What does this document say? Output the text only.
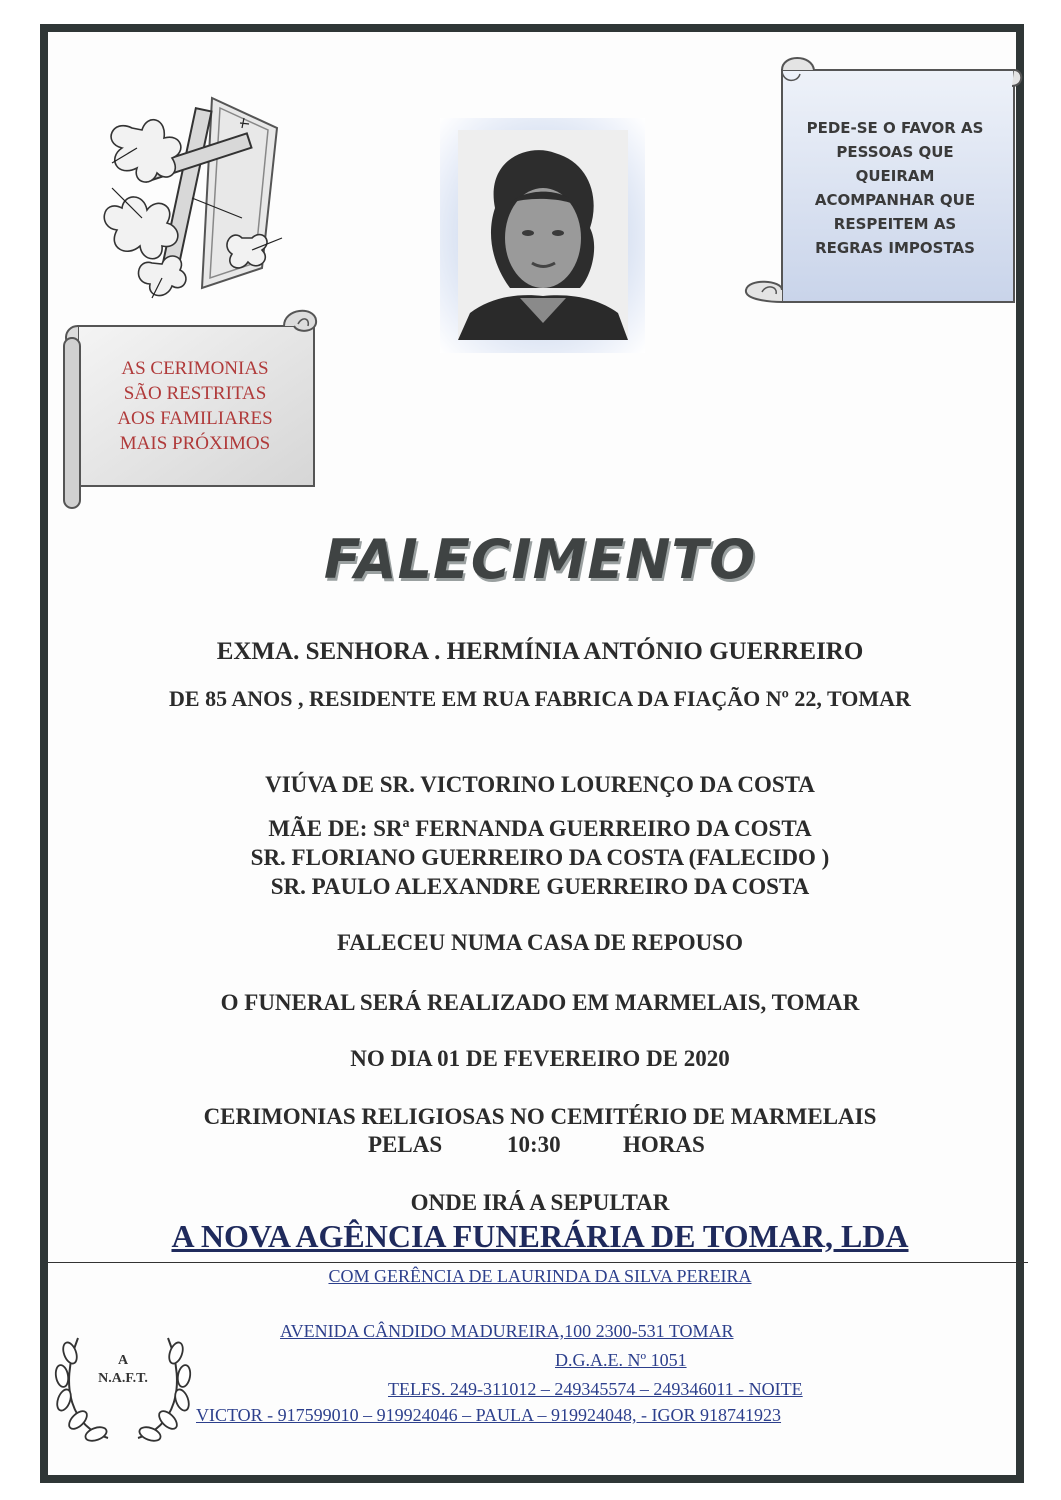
PEDE-SE O FAVOR AS
PESSOAS QUE
QUEIRAM
ACOMPANHAR QUE
RESPEITEM AS
REGRAS IMPOSTAS
AS CERIMONIAS
SÃO RESTRITAS
AOS FAMILIARES
MAIS PRÓXIMOS
FALECIMENTO
EXMA. SENHORA . HERMÍNIA ANTÓNIO GUERREIRO
DE 85 ANOS , RESIDENTE EM RUA FABRICA DA FIAÇÃO Nº 22, TOMAR
VIÚVA DE SR. VICTORINO LOURENÇO DA COSTA
MÃE DE: SRª FERNANDA GUERREIRO DA COSTA
SR. FLORIANO GUERREIRO DA COSTA (FALECIDO )
SR. PAULO ALEXANDRE GUERREIRO DA COSTA
FALECEU NUMA CASA DE REPOUSO
O FUNERAL SERÁ REALIZADO EM MARMELAIS, TOMAR
NO DIA 01 DE FEVEREIRO DE 2020
CERIMONIAS RELIGIOSAS NO CEMITÉRIO DE MARMELAIS
PELAS	10:30	HORAS
ONDE IRÁ A SEPULTAR
A NOVA AGÊNCIA FUNERÁRIA DE TOMAR, LDA
COM GERÊNCIA DE LAURINDA DA SILVA PEREIRA
AVENIDA CÂNDIDO MADUREIRA,100 2300-531 TOMAR
D.G.A.E. Nº 1051
TELFS. 249-311012 – 249345574 – 249346011 - NOITE
VICTOR - 917599010 – 919924046 – PAULA – 919924048, - IGOR 918741923
A
N.A.F.T.
